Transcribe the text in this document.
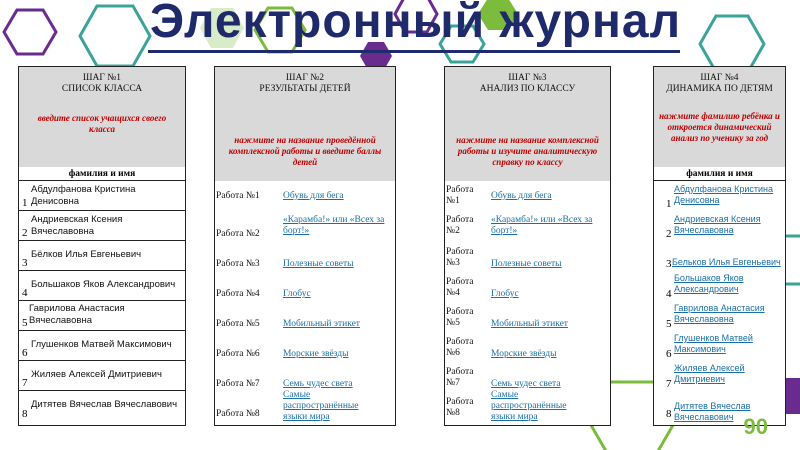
Электронный журнал
ШАГ №1
СПИСОК КЛАССА
введите список учащихся своего класса
фамилия и имя
1
Абдулфанова Кристина Денисовна
2
Андриевская Ксения Вячеславовна
3
Бёлков Илья Евгеньевич
4
Большаков Яков Александрович
5
Гаврилова Анастасия Вячеславовна
6
Глушенков Матвей Максимович
7
Жиляев Алексей Дмитриевич
8
Дитятев Вячеслав Вячеславович
ШАГ №2
РЕЗУЛЬТАТЫ ДЕТЕЙ
нажмите на название проведённой комплексной работы и введите баллы детей
Работа №1 Обувь для бега
Работа №2
«Карамба!» или «Всех за борт!»
Работа №3 Полезные советы
Работа №4 Глобус
Работа №5 Мобильный этикет
Работа №6 Морские звёзды
Работа №7 Семь чудес света
Работа №8
Самые распространённые языки мира
ШАГ №3
АНАЛИЗ ПО КЛАССУ
нажмите на название комплексной работы и изучите аналитическую справку по классу
Работа №1	Обувь для бега
Работа №2
«Карамба!» или «Всех за борт!»
Работа №3	Полезные советы
Работа №4	Глобус
Работа №5	Мобильный этикет
Работа №6	Морские звёзды
Работа №7	Семь чудес света
Работа №8
Самые распространённые языки мира
ШАГ №4
ДИНАМИКА ПО ДЕТЯМ
нажмите фамилию ребёнка и откроется динамический анализ по ученику за год
фамилия и имя
1
Абдулфанова Кристина Денисовна
2
Андриевская Ксения Вячеславовна
3 Бельков Илья Евгеньевич
4
Большаков Яков Александрович
5
Гаврилова Анастасия Вячеславовна
6
Глушенков Матвей Максимович
7
Жиляев Алексей Дмитриевич
8
Дитятев Вячеслав Вячеславович 90
